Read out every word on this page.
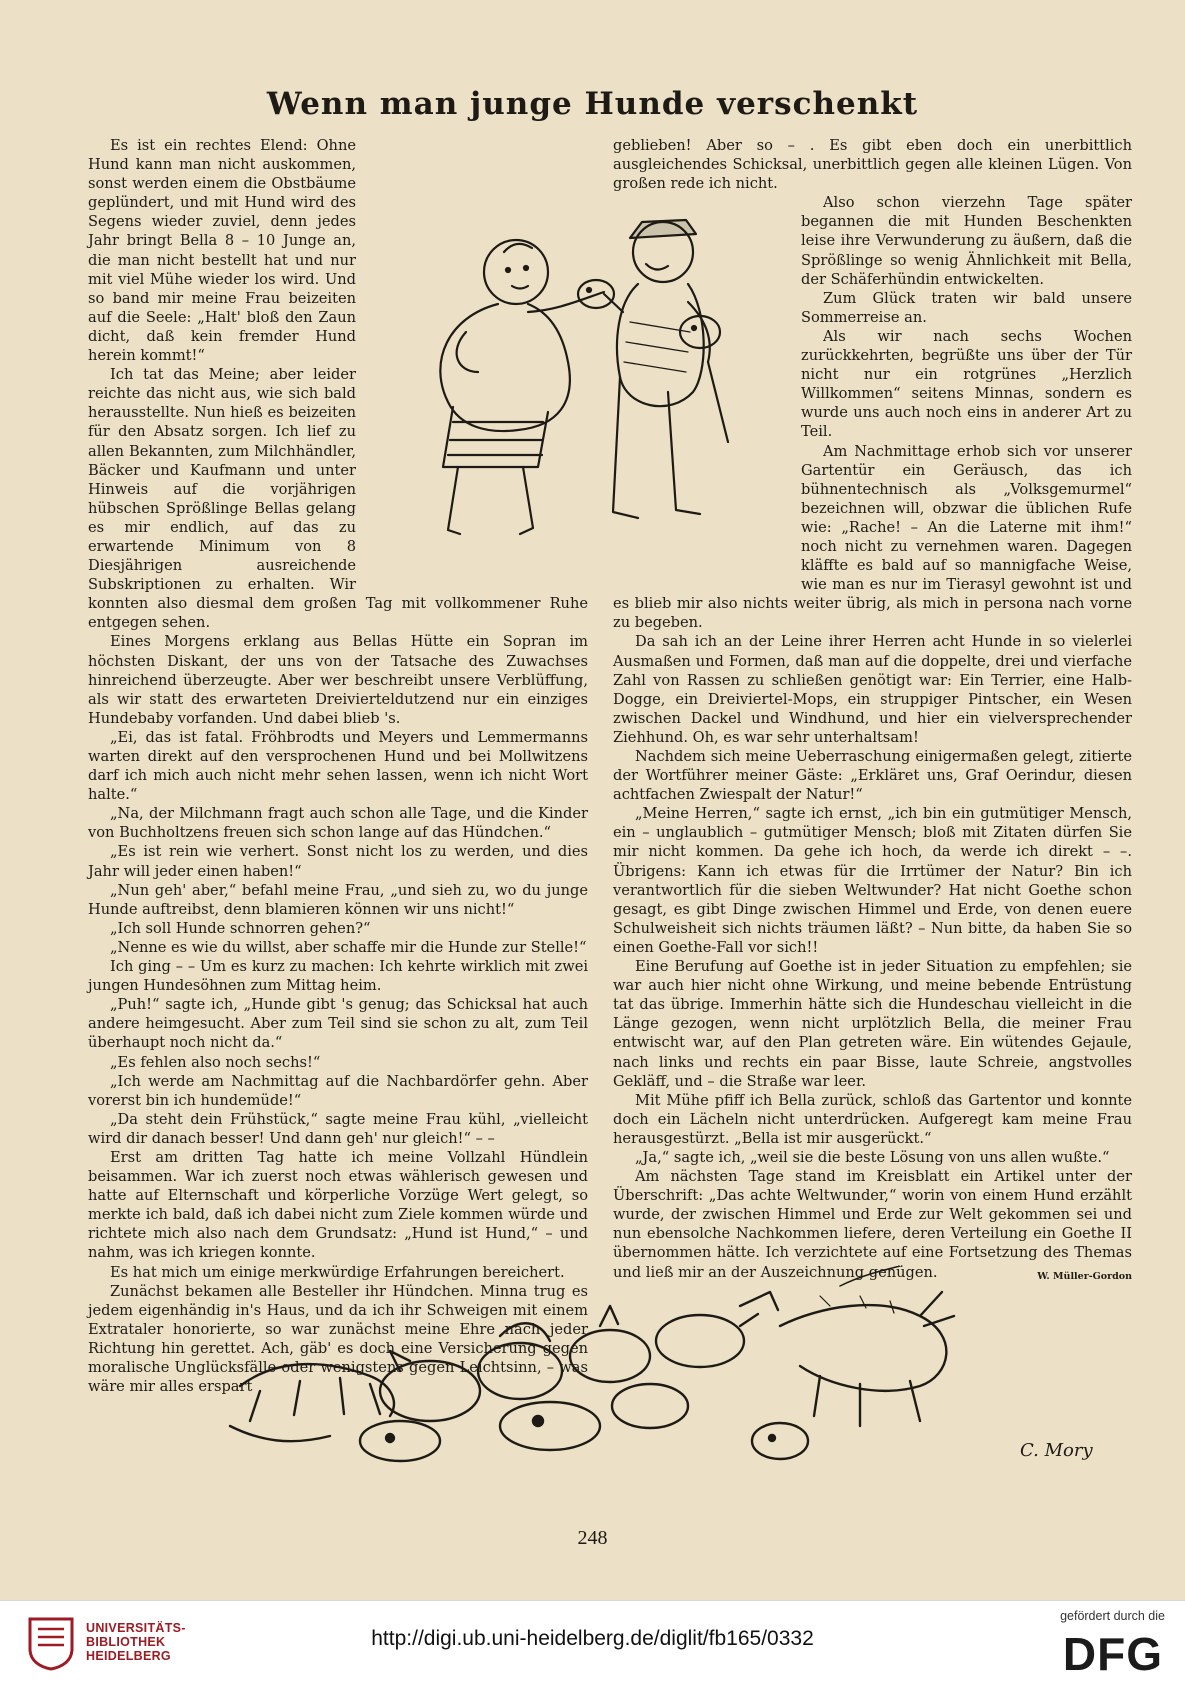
Wenn man junge Hunde verschenkt

Es ist ein rechtes Elend: Ohne Hund kann man nicht auskommen, sonst werden einem die Obstbäume geplündert, und mit Hund wird des Segens wieder zuviel, denn jedes Jahr bringt Bella 8 – 10 Junge an, die man nicht bestellt hat und nur mit viel Mühe wieder los wird. Und so band mir meine Frau beizeiten auf die Seele: „Halt' bloß den Zaun dicht, daß kein fremder Hund herein kommt!“

Ich tat das Meine; aber leider reichte das nicht aus, wie sich bald herausstellte. Nun hieß es beizeiten für den Absatz sorgen. Ich lief zu allen Bekannten, zum Milchhändler, Bäcker und Kaufmann und unter Hinweis auf die vorjährigen hübschen Sprößlinge Bellas gelang es mir endlich, auf das zu erwartende Minimum von 8 Diesjährigen ausreichende Subskriptionen zu erhalten. Wir konnten also diesmal dem großen Tag mit vollkommener Ruhe entgegen sehen.

Eines Morgens erklang aus Bellas Hütte ein Sopran im höchsten Diskant, der uns von der Tatsache des Zuwachses hinreichend überzeugte. Aber wer beschreibt unsere Verblüffung, als wir statt des erwarteten Dreivierteldutzend nur ein einziges Hundebaby vorfanden. Und dabei blieb 's.

„Ei, das ist fatal. Fröhbrodts und Meyers und Lemmermanns warten direkt auf den versprochenen Hund und bei Mollwitzens darf ich mich auch nicht mehr sehen lassen, wenn ich nicht Wort halte.“

„Na, der Milchmann fragt auch schon alle Tage, und die Kinder von Buchholtzens freuen sich schon lange auf das Hündchen.“

„Es ist rein wie verhert. Sonst nicht los zu werden, und dies Jahr will jeder einen haben!“

„Nun geh' aber,“ befahl meine Frau, „und sieh zu, wo du junge Hunde auftreibst, denn blamieren können wir uns nicht!“

„Ich soll Hunde schnorren gehen?“

„Nenne es wie du willst, aber schaffe mir die Hunde zur Stelle!“

Ich ging – – Um es kurz zu machen: Ich kehrte wirklich mit zwei jungen Hundesöhnen zum Mittag heim.

„Puh!“ sagte ich, „Hunde gibt 's genug; das Schicksal hat auch andere heimgesucht. Aber zum Teil sind sie schon zu alt, zum Teil überhaupt noch nicht da.“

„Es fehlen also noch sechs!“

„Ich werde am Nachmittag auf die Nachbardörfer gehn. Aber vorerst bin ich hundemüde!“

„Da steht dein Frühstück,“ sagte meine Frau kühl, „vielleicht wird dir danach besser! Und dann geh' nur gleich!“ – –

Erst am dritten Tag hatte ich meine Vollzahl Hündlein beisammen. War ich zuerst noch etwas wählerisch gewesen und hatte auf Elternschaft und körperliche Vorzüge Wert gelegt, so merkte ich bald, daß ich dabei nicht zum Ziele kommen würde und richtete mich also nach dem Grundsatz: „Hund ist Hund,“ – und nahm, was ich kriegen konnte.

Es hat mich um einige merkwürdige Erfahrungen bereichert.

Zunächst bekamen alle Besteller ihr Hündchen. Minna trug es jedem eigenhändig in's Haus, und da ich ihr Schweigen mit einem Extrataler honorierte, so war zunächst meine Ehre nach jeder Richtung hin gerettet. Ach, gäb' es doch eine Versicherung gegen moralische Unglücksfälle oder wenigstens gegen Leichtsinn, – was wäre mir alles erspart

geblieben! Aber so – . Es gibt eben doch ein unerbittlich ausgleichendes Schicksal, unerbittlich gegen alle kleinen Lügen. Von großen rede ich nicht.

Also schon vierzehn Tage später begannen die mit Hunden Beschenkten leise ihre Verwunderung zu äußern, daß die Sprößlinge so wenig Ähnlichkeit mit Bella, der Schäferhündin entwickelten.

Zum Glück traten wir bald unsere Sommerreise an.

Als wir nach sechs Wochen zurückkehrten, begrüßte uns über der Tür nicht nur ein rotgrünes „Herzlich Willkommen“ seitens Minnas, sondern es wurde uns auch noch eins in anderer Art zu Teil.

Am Nachmittage erhob sich vor unserer Gartentür ein Geräusch, das ich bühnentechnisch als „Volksgemurmel“ bezeichnen will, obzwar die üblichen Rufe wie: „Rache! – An die Laterne mit ihm!“ noch nicht zu vernehmen waren. Dagegen kläffte es bald auf so mannigfache Weise, wie man es nur im Tierasyl gewohnt ist und es blieb mir also nichts weiter übrig, als mich in persona nach vorne zu begeben.

Da sah ich an der Leine ihrer Herren acht Hunde in so vielerlei Ausmaßen und Formen, daß man auf die doppelte, drei und vierfache Zahl von Rassen zu schließen genötigt war: Ein Terrier, eine Halb-Dogge, ein Dreiviertel-Mops, ein struppiger Pintscher, ein Wesen zwischen Dackel und Windhund, und hier ein vielversprechender Ziehhund. Oh, es war sehr unterhaltsam!

Nachdem sich meine Ueberraschung einigermaßen gelegt, zitierte der Wortführer meiner Gäste: „Erkläret uns, Graf Oerindur, diesen achtfachen Zwiespalt der Natur!“

„Meine Herren,“ sagte ich ernst, „ich bin ein gutmütiger Mensch, ein – unglaublich – gutmütiger Mensch; bloß mit Zitaten dürfen Sie mir nicht kommen. Da gehe ich hoch, da werde ich direkt – –. Übrigens: Kann ich etwas für die Irrtümer der Natur? Bin ich verantwortlich für die sieben Weltwunder? Hat nicht Goethe schon gesagt, es gibt Dinge zwischen Himmel und Erde, von denen euere Schulweisheit sich nichts träumen läßt? – Nun bitte, da haben Sie so einen Goethe-Fall vor sich!!

Eine Berufung auf Goethe ist in jeder Situation zu empfehlen; sie war auch hier nicht ohne Wirkung, und meine bebende Entrüstung tat das übrige. Immerhin hätte sich die Hundeschau vielleicht in die Länge gezogen, wenn nicht urplötzlich Bella, die meiner Frau entwischt war, auf den Plan getreten wäre. Ein wütendes Gejaule, nach links und rechts ein paar Bisse, laute Schreie, angstvolles Gekläff, und – die Straße war leer.

Mit Mühe pfiff ich Bella zurück, schloß das Gartentor und konnte doch ein Lächeln nicht unterdrücken. Aufgeregt kam meine Frau herausgestürzt. „Bella ist mir ausgerückt.“

„Ja,“ sagte ich, „weil sie die beste Lösung von uns allen wußte.“

Am nächsten Tage stand im Kreisblatt ein Artikel unter der Überschrift: „Das achte Weltwunder,“ worin von einem Hund erzählt wurde, der zwischen Himmel und Erde zur Welt gekommen sei und nun ebensolche Nachkommen liefere, deren Verteilung ein Goethe II übernommen hätte. Ich verzichtete auf eine Fortsetzung des Themas und ließ mir an der Auszeichnung genügen.	W. Müller-Gordon

C. Mory
248
UNIVERSITÄTS-
BIBLIOTHEK
HEIDELBERG
http://digi.ub.uni-heidelberg.de/diglit/fb165/0332
gefördert durch die
DFG
